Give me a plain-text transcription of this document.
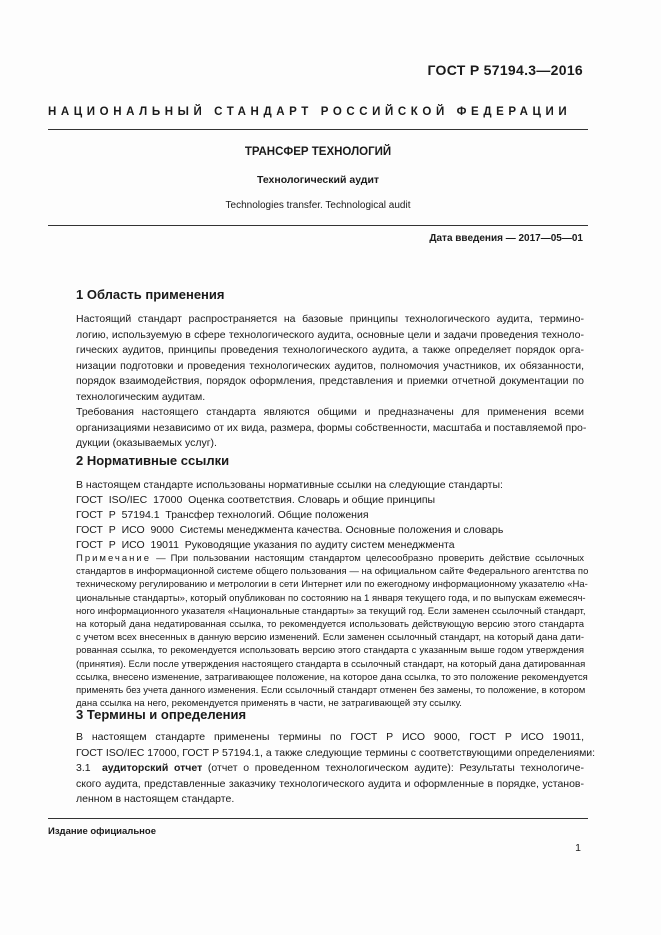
ГОСТ Р 57194.3—2016
НАЦИОНАЛЬНЫЙ СТАНДАРТ РОССИЙСКОЙ ФЕДЕРАЦИИ
ТРАНСФЕР ТЕХНОЛОГИЙ
Технологический аудит
Technologies transfer. Technological audit
Дата введения — 2017—05—01
1 Область применения
Настоящий стандарт распространяется на базовые принципы технологического аудита, термино-
логию, используемую в сфере технологического аудита, основные цели и задачи проведения техноло-
гических аудитов, принципы проведения технологического аудита, а также определяет порядок орга-
низации подготовки и проведения технологических аудитов, полномочия участников, их обязанности,
порядок взаимодействия, порядок оформления, представления и приемки отчетной документации по
технологическим аудитам.
Требования настоящего стандарта являются общими и предназначены для применения всеми
организациями независимо от их вида, размера, формы собственности, масштаба и поставляемой про-
дукции (оказываемых услуг).
2 Нормативные ссылки
В настоящем стандарте использованы нормативные ссылки на следующие стандарты:
ГОСТ  ISO/IEC  17000  Оценка соответствия. Словарь и общие принципы
ГОСТ  Р  57194.1  Трансфер технологий. Общие положения
ГОСТ  Р  ИСО  9000  Системы менеджмента качества. Основные положения и словарь
ГОСТ  Р  ИСО  19011  Руководящие указания по аудиту систем менеджмента
Примечание — При пользовании настоящим стандартом целесообразно проверить действие ссылочных
стандартов в информационной системе общего пользования — на официальном сайте Федерального агентства по
техническому регулированию и метрологии в сети Интернет или по ежегодному информационному указателю «На-
циональные стандарты», который опубликован по состоянию на 1 января текущего года, и по выпускам ежемесяч-
ного информационного указателя «Национальные стандарты» за текущий год. Если заменен ссылочный стандарт,
на который дана недатированная ссылка, то рекомендуется использовать действующую версию этого стандарта
с учетом всех внесенных в данную версию изменений. Если заменен ссылочный стандарт, на который дана дати-
рованная ссылка, то рекомендуется использовать версию этого стандарта с указанным выше годом утверждения
(принятия). Если после утверждения настоящего стандарта в ссылочный стандарт, на который дана датированная
ссылка, внесено изменение, затрагивающее положение, на которое дана ссылка, то это положение рекомендуется
применять без учета данного изменения. Если ссылочный стандарт отменен без замены, то положение, в котором
дана ссылка на него, рекомендуется применять в части, не затрагивающей эту ссылку.
3 Термины и определения
В настоящем стандарте применены термины по ГОСТ Р ИСО 9000, ГОСТ Р ИСО 19011,
ГОСТ ISO/IEC 17000, ГОСТ Р 57194.1, а также следующие термины с соответствующими определениями:
3.1 аудиторский отчет (отчет о проведенном технологическом аудите): Результаты технологиче-
ского аудита, представленные заказчику технологического аудита и оформленные в порядке, установ-
ленном в настоящем стандарте.
Издание официальное
1
